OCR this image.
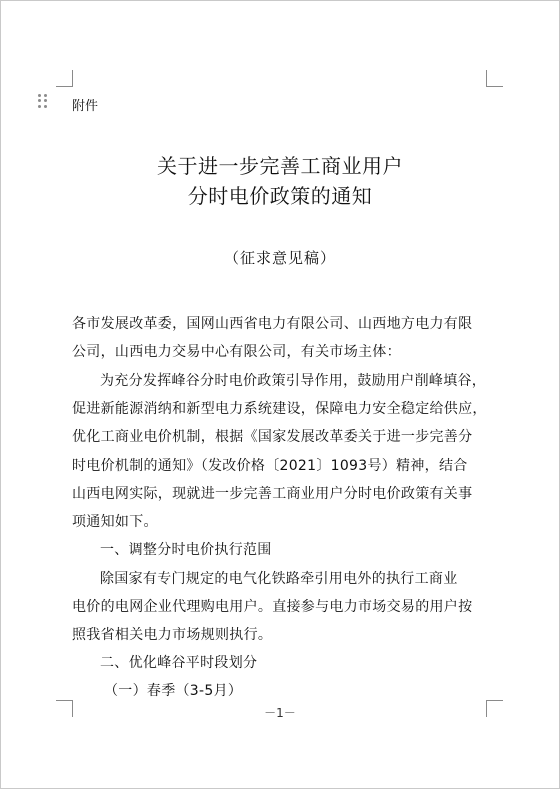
附件
关于进一步完善工商业用户
分时电价政策的通知
（征求意见稿）
各市发展改革委，国网山西省电力有限公司、山西地方电力有限
公司，山西电力交易中心有限公司，有关市场主体：
为充分发挥峰谷分时电价政策引导作用，鼓励用户削峰填谷，
促进新能源消纳和新型电力系统建设，保障电力安全稳定给供应，
优化工商业电价机制，根据《国家发展改革委关于进一步完善分
时电价机制的通知》（发改价格〔2021〕1093号）精神，结合
山西电网实际，现就进一步完善工商业用户分时电价政策有关事
项通知如下。
一、调整分时电价执行范围
除国家有专门规定的电气化铁路牵引用电外的执行工商业
电价的电网企业代理购电用户。直接参与电力市场交易的用户按
照我省相关电力市场规则执行。
二、优化峰谷平时段划分
（一）春季（3-5月）
－1－
